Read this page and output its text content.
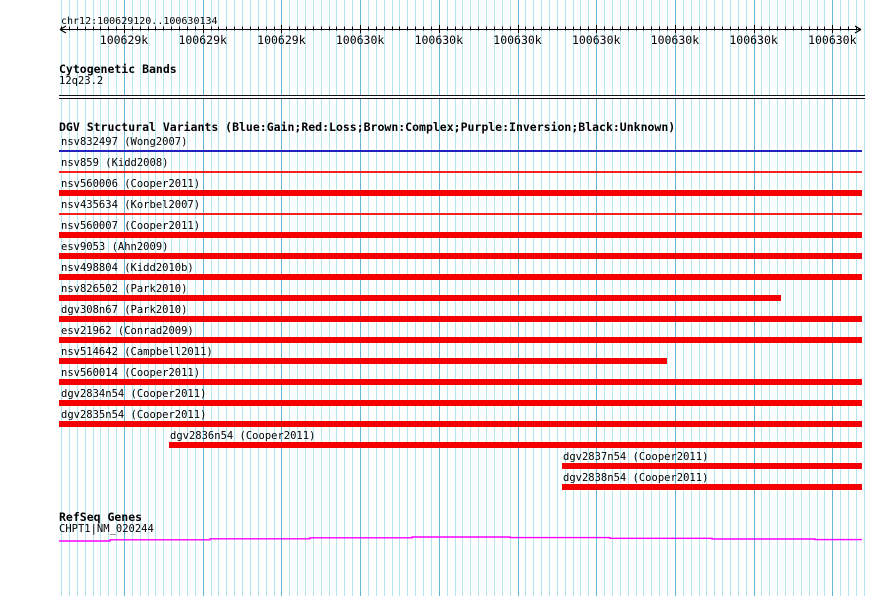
chr12:100629120..100630134
100629k	100629k	100629k	100630k	100630k	100630k	100630k	100630k	100630k	100630k
Cytogenetic Bands
12q23.2
DGV Structural Variants (Blue:Gain;Red:Loss;Brown:Complex;Purple:Inversion;Black:Unknown)
nsv832497 (Wong2007)
nsv859 (Kidd2008)
nsv560006 (Cooper2011)
nsv435634 (Korbel2007)
nsv560007 (Cooper2011)
esv9053 (Ahn2009)
nsv498804 (Kidd2010b)
nsv826502 (Park2010)
dgv308n67 (Park2010)
esv21962 (Conrad2009)
nsv514642 (Campbell2011)
nsv560014 (Cooper2011)
dgv2834n54 (Cooper2011)
dgv2835n54 (Cooper2011)
dgv2836n54 (Cooper2011)
dgv2837n54 (Cooper2011)
dgv2838n54 (Cooper2011)
RefSeq Genes
CHPT1|NM_020244
